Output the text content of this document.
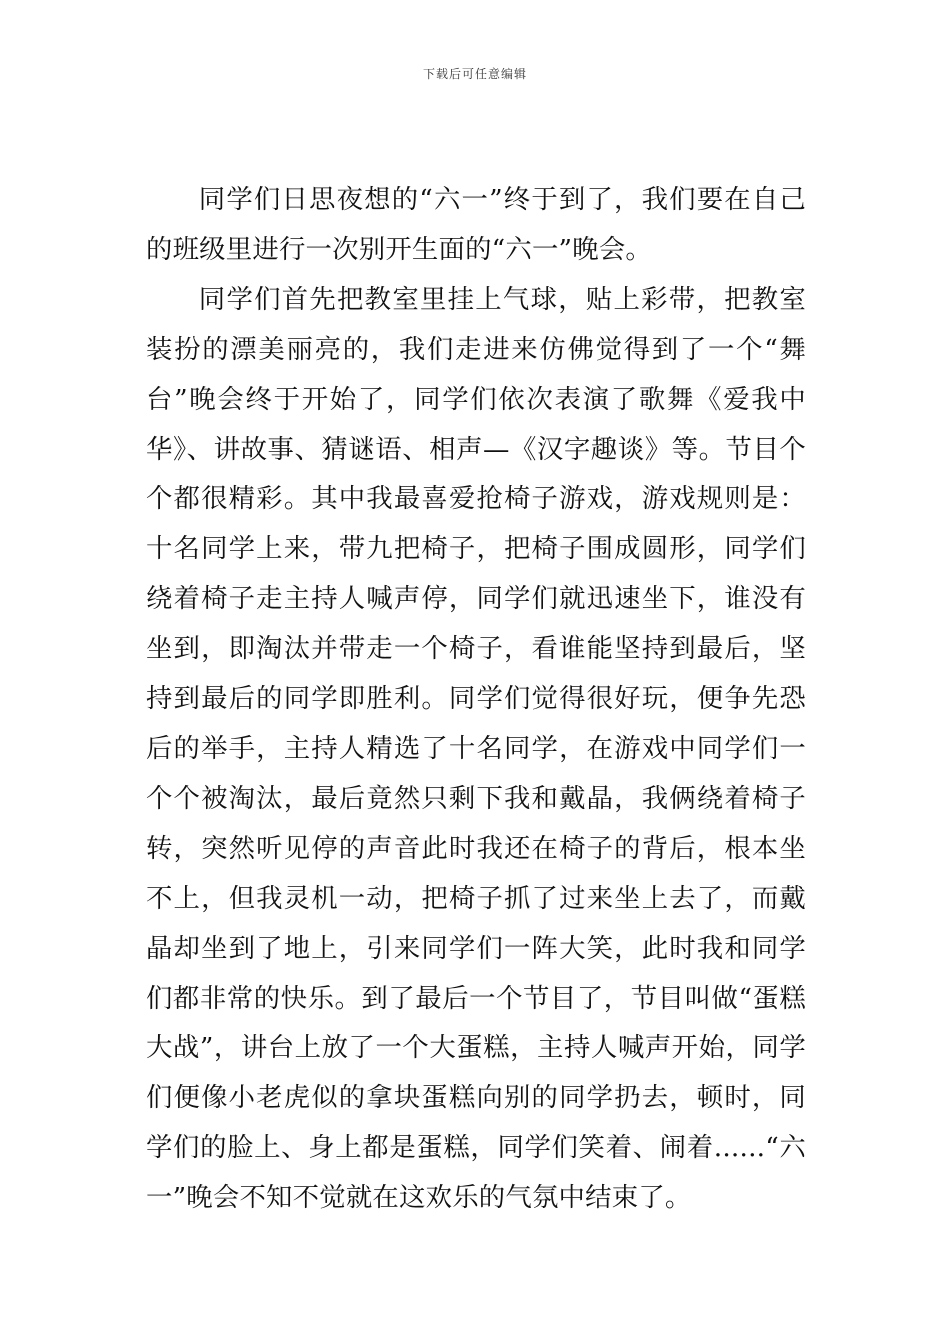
下载后可任意编辑

同学们日思夜想的“六一”终于到了，我们要在自己的班级里进行一次别开生面的“六一”晚会。

同学们首先把教室里挂上气球，贴上彩带，把教室装扮的漂美丽亮的，我们走进来仿佛觉得到了一个“舞台”晚会终于开始了，同学们依次表演了歌舞《爱我中华》、讲故事、猜谜语、相声—《汉字趣谈》等。节目个个都很精彩。其中我最喜爱抢椅子游戏，游戏规则是：十名同学上来，带九把椅子，把椅子围成圆形，同学们绕着椅子走主持人喊声停，同学们就迅速坐下，谁没有坐到，即淘汰并带走一个椅子，看谁能坚持到最后，坚持到最后的同学即胜利。同学们觉得很好玩，便争先恐后的举手，主持人精选了十名同学，在游戏中同学们一个个被淘汰，最后竟然只剩下我和戴晶，我俩绕着椅子转，突然听见停的声音此时我还在椅子的背后，根本坐不上，但我灵机一动，把椅子抓了过来坐上去了，而戴晶却坐到了地上，引来同学们一阵大笑，此时我和同学们都非常的快乐。到了最后一个节目了，节目叫做“蛋糕大战”，讲台上放了一个大蛋糕，主持人喊声开始，同学们便像小老虎似的拿块蛋糕向别的同学扔去，顿时，同学们的脸上、身上都是蛋糕，同学们笑着、闹着......“六一”晚会不知不觉就在这欢乐的气氛中结束了。
